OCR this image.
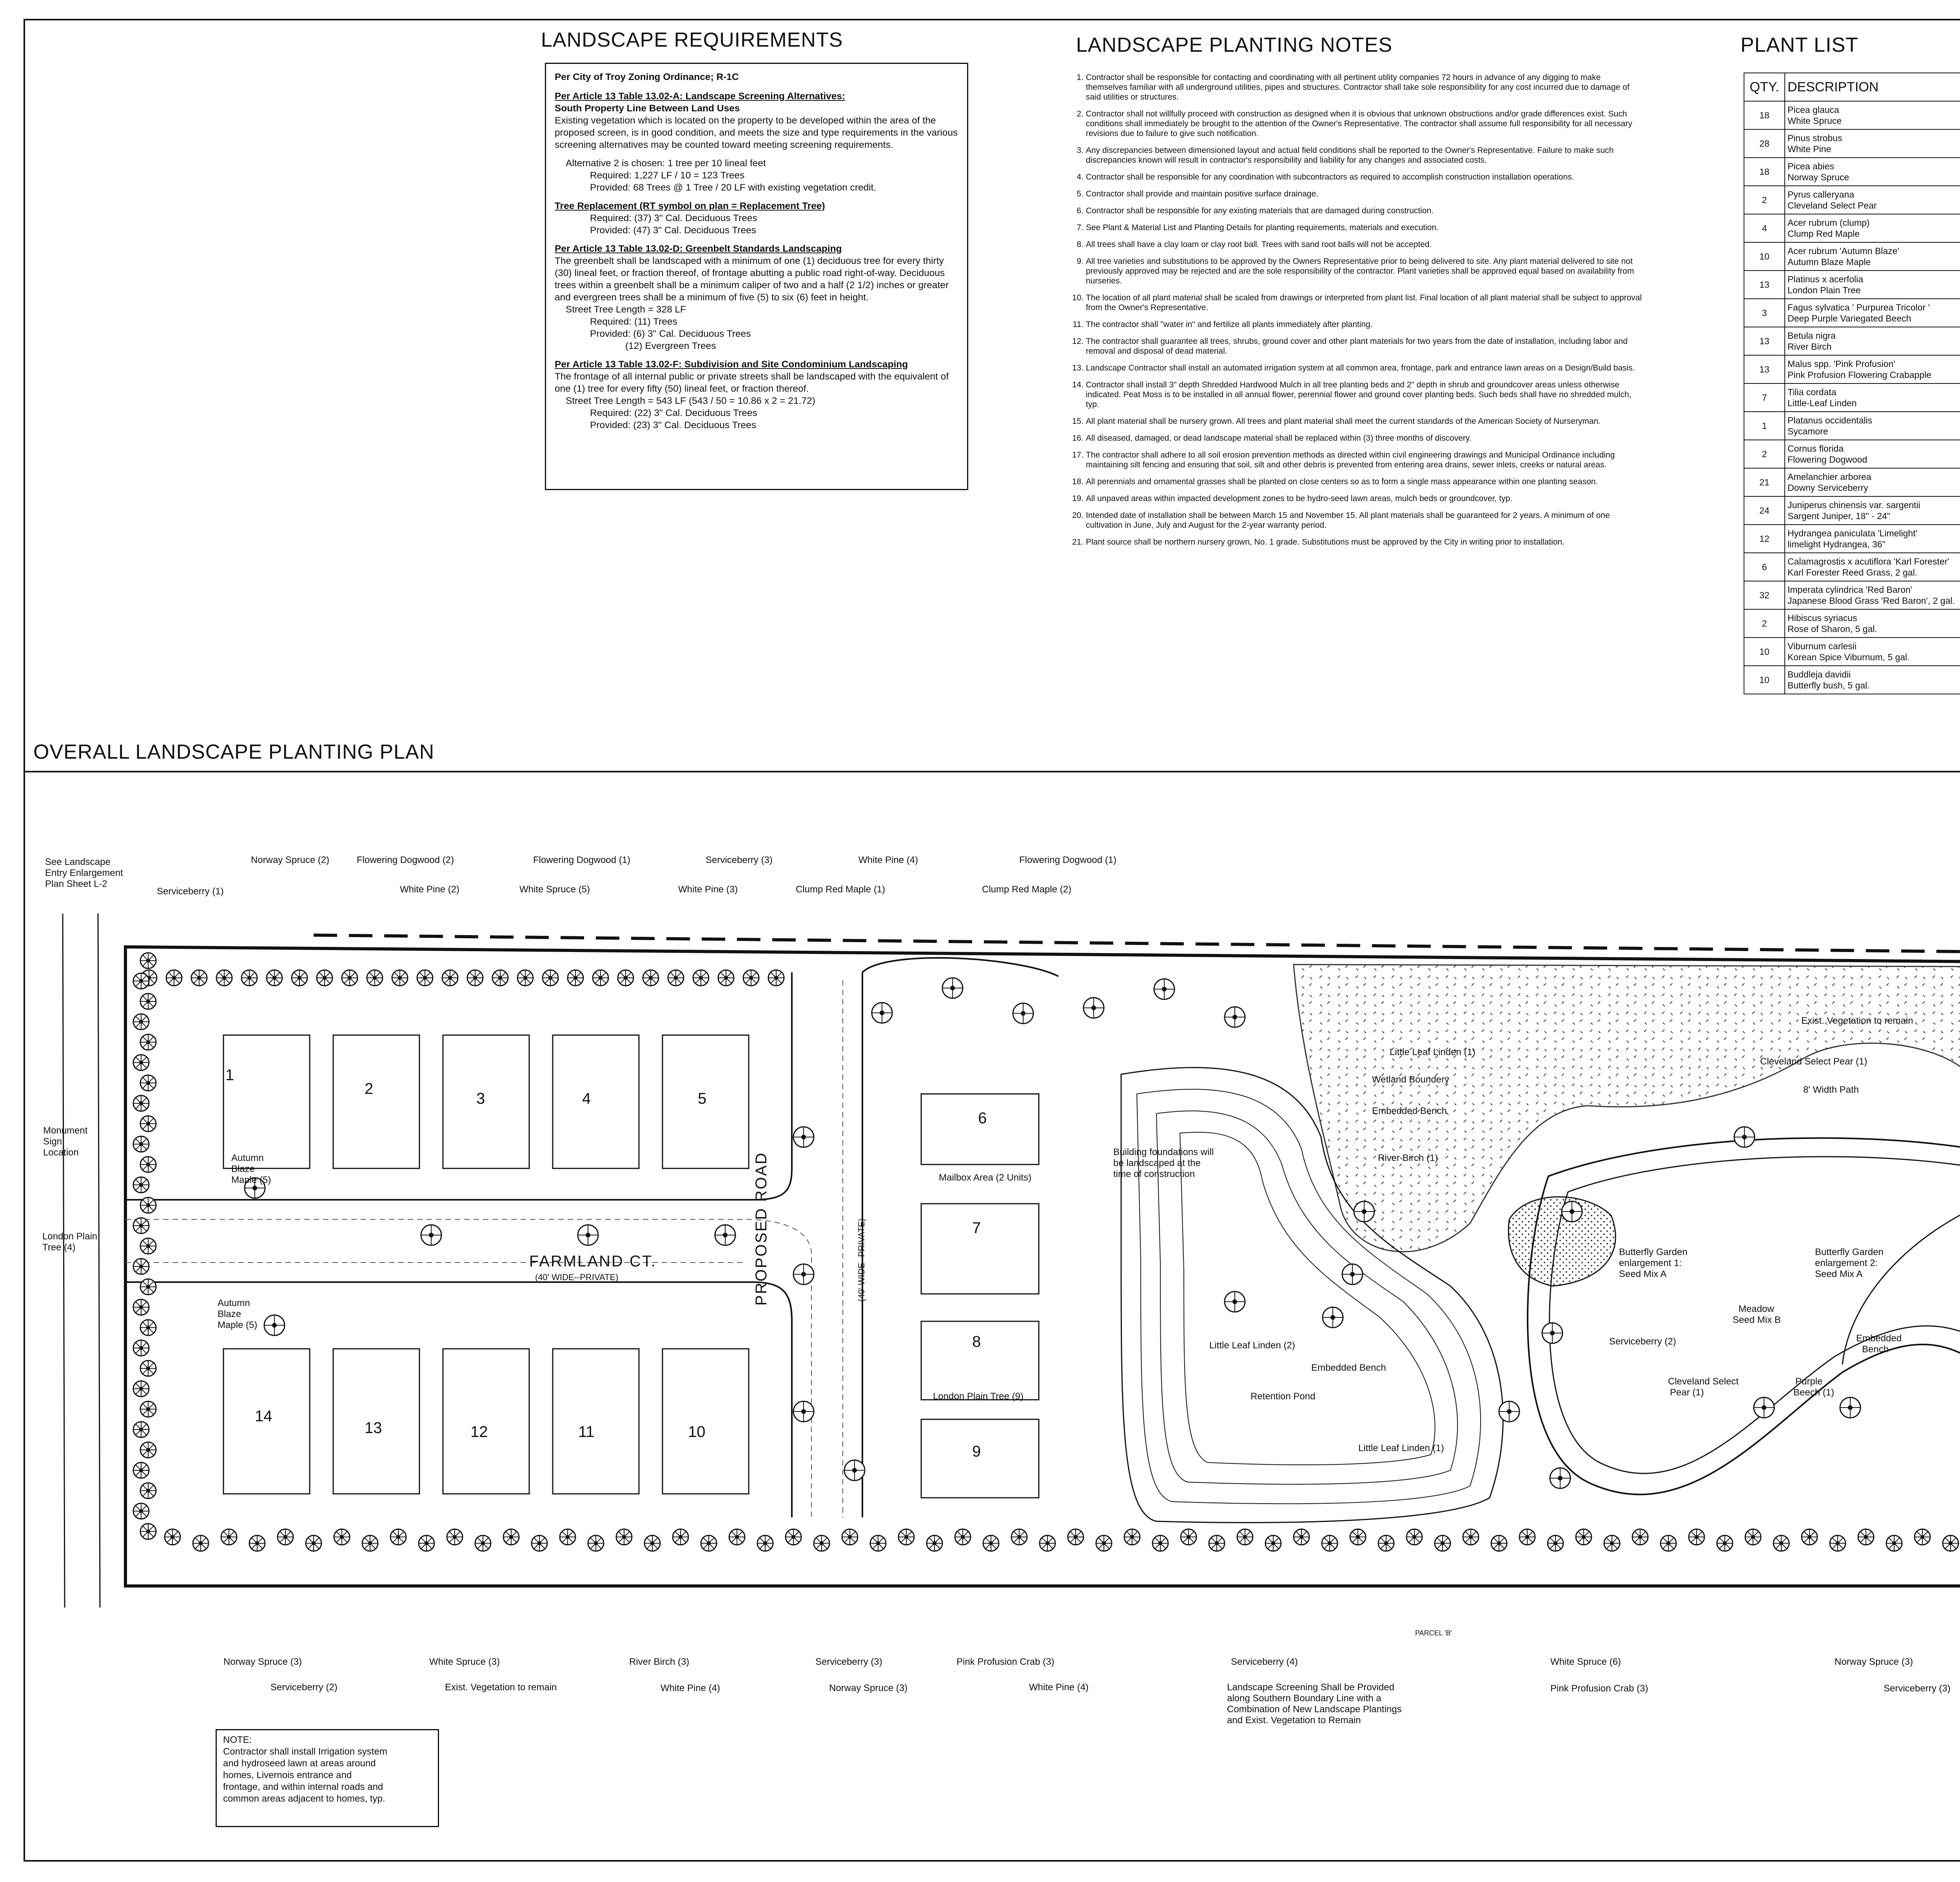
LANDSCAPE REQUIREMENTS

Per City of Troy Zoning Ordinance; R-1C

Per Article 13 Table 13.02-A: Landscape Screening Alternatives:

South Property Line Between Land Uses

Existing vegetation which is located on the property to be developed within the area of the proposed screen, is in good condition, and meets the size and type requirements in the various screening alternatives may be counted toward meeting screening requirements.

Alternative 2 is chosen: 1 tree per 10 lineal feet

Required: 1,227 LF / 10 = 123 Trees

Provided: 68 Trees @ 1 Tree / 20 LF with existing vegetation credit.

Tree Replacement (RT symbol on plan = Replacement Tree)

Required: (37) 3" Cal. Deciduous Trees

Provided: (47) 3" Cal. Deciduous Trees

Per Article 13 Table 13.02-D: Greenbelt Standards Landscaping

The greenbelt shall be landscaped with a minimum of one (1) deciduous tree for every thirty (30) lineal feet, or fraction thereof, of frontage abutting a public road right-of-way. Deciduous trees within a greenbelt shall be a minimum caliper of two and a half (2 1/2) inches or greater and evergreen trees shall be a minimum of five (5) to six (6) feet in height.

Street Tree Length = 328 LF

Required: (11) Trees

Provided: (6) 3" Cal. Deciduous Trees

(12) Evergreen Trees

Per Article 13 Table 13.02-F: Subdivision and Site Condominium Landscaping

The frontage of all internal public or private streets shall be landscaped with the equivalent of one (1) tree for every fifty (50) lineal feet, or fraction thereof.

Street Tree Length = 543 LF (543 / 50 = 10.86 x 2 = 21.72)

Required: (22) 3" Cal. Deciduous Trees

Provided: (23) 3" Cal. Deciduous Trees

LANDSCAPE PLANTING NOTES
1. Contractor shall be responsible for contacting and coordinating with all pertinent utility companies 72 hours in advance of any digging to make themselves familiar with all underground utilities, pipes and structures. Contractor shall take sole responsibility for any cost incurred due to damage of said utilities or structures.
2. Contractor shall not willfully proceed with construction as designed when it is obvious that unknown obstructions and/or grade differences exist. Such conditions shall immediately be brought to the attention of the Owner's Representative. The contractor shall assume full responsibility for all necessary revisions due to failure to give such notification.
3. Any discrepancies between dimensioned layout and actual field conditions shall be reported to the Owner's Representative. Failure to make such discrepancies known will result in contractor's responsibility and liability for any changes and associated costs.
4. Contractor shall be responsible for any coordination with subcontractors as required to accomplish construction installation operations.
5. Contractor shall provide and maintain positive surface drainage.
6. Contractor shall be responsible for any existing materials that are damaged during construction.
7. See Plant & Material List and Planting Details for planting requirements, materials and execution.
8. All trees shall have a clay loam or clay root ball. Trees with sand root balls will not be accepted.
9. All tree varieties and substitutions to be approved by the Owners Representative prior to being delivered to site. Any plant material delivered to site not previously approved may be rejected and are the sole responsibility of the contractor. Plant varieties shall be approved equal based on availability from nurseries.
10. The location of all plant material shall be scaled from drawings or interpreted from plant list. Final location of all plant material shall be subject to approval from the Owner's Representative.
11. The contractor shall "water in" and fertilize all plants immediately after planting.
12. The contractor shall guarantee all trees, shrubs, ground cover and other plant materials for two years from the date of installation, including labor and removal and disposal of dead material.
13. Landscape Contractor shall install an automated irrigation system at all common area, frontage, park and entrance lawn areas on a Design/Build basis.
14. Contractor shall install 3" depth Shredded Hardwood Mulch in all tree planting beds and 2" depth in shrub and groundcover areas unless otherwise indicated. Peat Moss is to be installed in all annual flower, perennial flower and ground cover planting beds. Such beds shall have no shredded mulch, typ.
15. All plant material shall be nursery grown. All trees and plant material shall meet the current standards of the American Society of Nurseryman.
16. All diseased, damaged, or dead landscape material shall be replaced within (3) three months of discovery.
17. The contractor shall adhere to all soil erosion prevention methods as directed within civil engineering drawings and Municipal Ordinance including maintaining silt fencing and ensuring that soil, silt and other debris is prevented from entering area drains, sewer inlets, creeks or natural areas.
18. All perennials and ornamental grasses shall be planted on close centers so as to form a single mass appearance within one planting season.
19. All unpaved areas within impacted development zones to be hydro-seed lawn areas, mulch beds or groundcover, typ.
20. Intended date of installation shall be between March 15 and November 15. All plant materials shall be guaranteed for 2 years. A minimum of one cultivation in June, July and August for the 2-year warranty period.
21. Plant source shall be northern nursery grown, No. 1 grade. Substitutions must be approved by the City in writing prior to installation.
PLANT LIST
QTY.	DESCRIPTION	
18	Picea glauca
White Spruce

28	Pinus strobus
White Pine

18	Picea abies
Norway Spruce

2	Pyrus calleryana
Cleveland Select Pear

4	Acer rubrum (clump)
Clump Red Maple

10	Acer rubrum 'Autumn Blaze'
Autumn Blaze Maple

13	Platinus x acerfolia
London Plain Tree

3	Fagus sylvatica ' Purpurea Tricolor '
Deep Purple Variegated Beech

13	Betula nigra
River Birch

13	Malus spp. 'Pink Profusion'
Pink Profusion Flowering Crabapple

7	Tilia cordata
Little-Leaf Linden

1	Platanus occidentalis
Sycamore

2	Cornus florida
Flowering Dogwood

21	Amelanchier arborea
Downy Serviceberry

24	Juniperus chinensis var. sargentii
Sargent Juniper, 18" - 24"

12	Hydrangea paniculata 'Limelight'
limelight Hydrangea, 36"

6	Calamagrostis x acutiflora 'Karl Forester'
Karl Forester Reed Grass, 2 gal.

32	Imperata cylindrica 'Red Baron'
Japanese Blood Grass 'Red Baron', 2 gal.

2	Hibiscus syriacus
Rose of Sharon, 5 gal.

10	Viburnum carlesii
Korean Spice Viburnum, 5 gal.

10	Buddleja davidii
Butterfly bush, 5 gal.

OVERALL LANDSCAPE PLANTING PLAN
Norway Spruce (2)	Flowering Dogwood (2)	Flowering Dogwood (1)	Serviceberry (3)	White Pine (4)	Flowering Dogwood (1)
Serviceberry (1)	White Pine (2)	White Spruce (5)	White Pine (3)	Clump Red Maple (1)	Clump Red Maple (2)
See Landscape
Entry Enlargement
Plan Sheet L-2
Monument
Sign
Location
London Plain
Tree (4)
Autumn
Blaze
Maple (5)
Autumn
Blaze
Maple (5)
Exist. Vegetation to remain
Little Leaf Linden (1)
Cleveland Select Pear (1)
Wetland Boundery
8' Width Path
Embedded Bench
Building foundations will
be landscaped at the
time of construction
Mailbox Area (2 Units)
River Birch (1)
Butterfly Garden
enlargement 1:
Seed Mix A
Butterfly Garden
enlargement 2:
Seed Mix A
Meadow
Seed Mix B
Serviceberry (2)	Embedded
Bench
Little Leaf Linden (2)
London Plain Tree (9)
Embedded Bench
Retention Pond
Cleveland Select
Pear (1)
Purple
Beech (1)
Little Leaf Linden (1)
Norway Spruce (3)	White Spruce (3)	River Birch (3)	Serviceberry (3)	Pink Profusion Crab (3)	Serviceberry (4)	White Spruce (6)	Norway Spruce (3)
Serviceberry (2)	Exist. Vegetation to remain	White Pine (4)	Norway Spruce (3)	White Pine (4)	Landscape Screening Shall be Provided
along Southern Boundary Line with a
Combination of New Landscape Plantings
and Exist. Vegetation to Remain
Pink Profusion Crab (3)	Serviceberry (3)
1
2
3	4	5
14
13	12	11	10
6
7
8
9
FARMLAND CT.
(40' WIDE--PRIVATE)	PROPOSED ROAD	(40' WIDE--PRIVATE)
PARCEL 'B'
NOTE:
Contractor shall install Irrigation system
and hydroseed lawn at areas around
homes, Livernois entrance and
frontage, and within internal roads and
common areas adjacent to homes, typ.
